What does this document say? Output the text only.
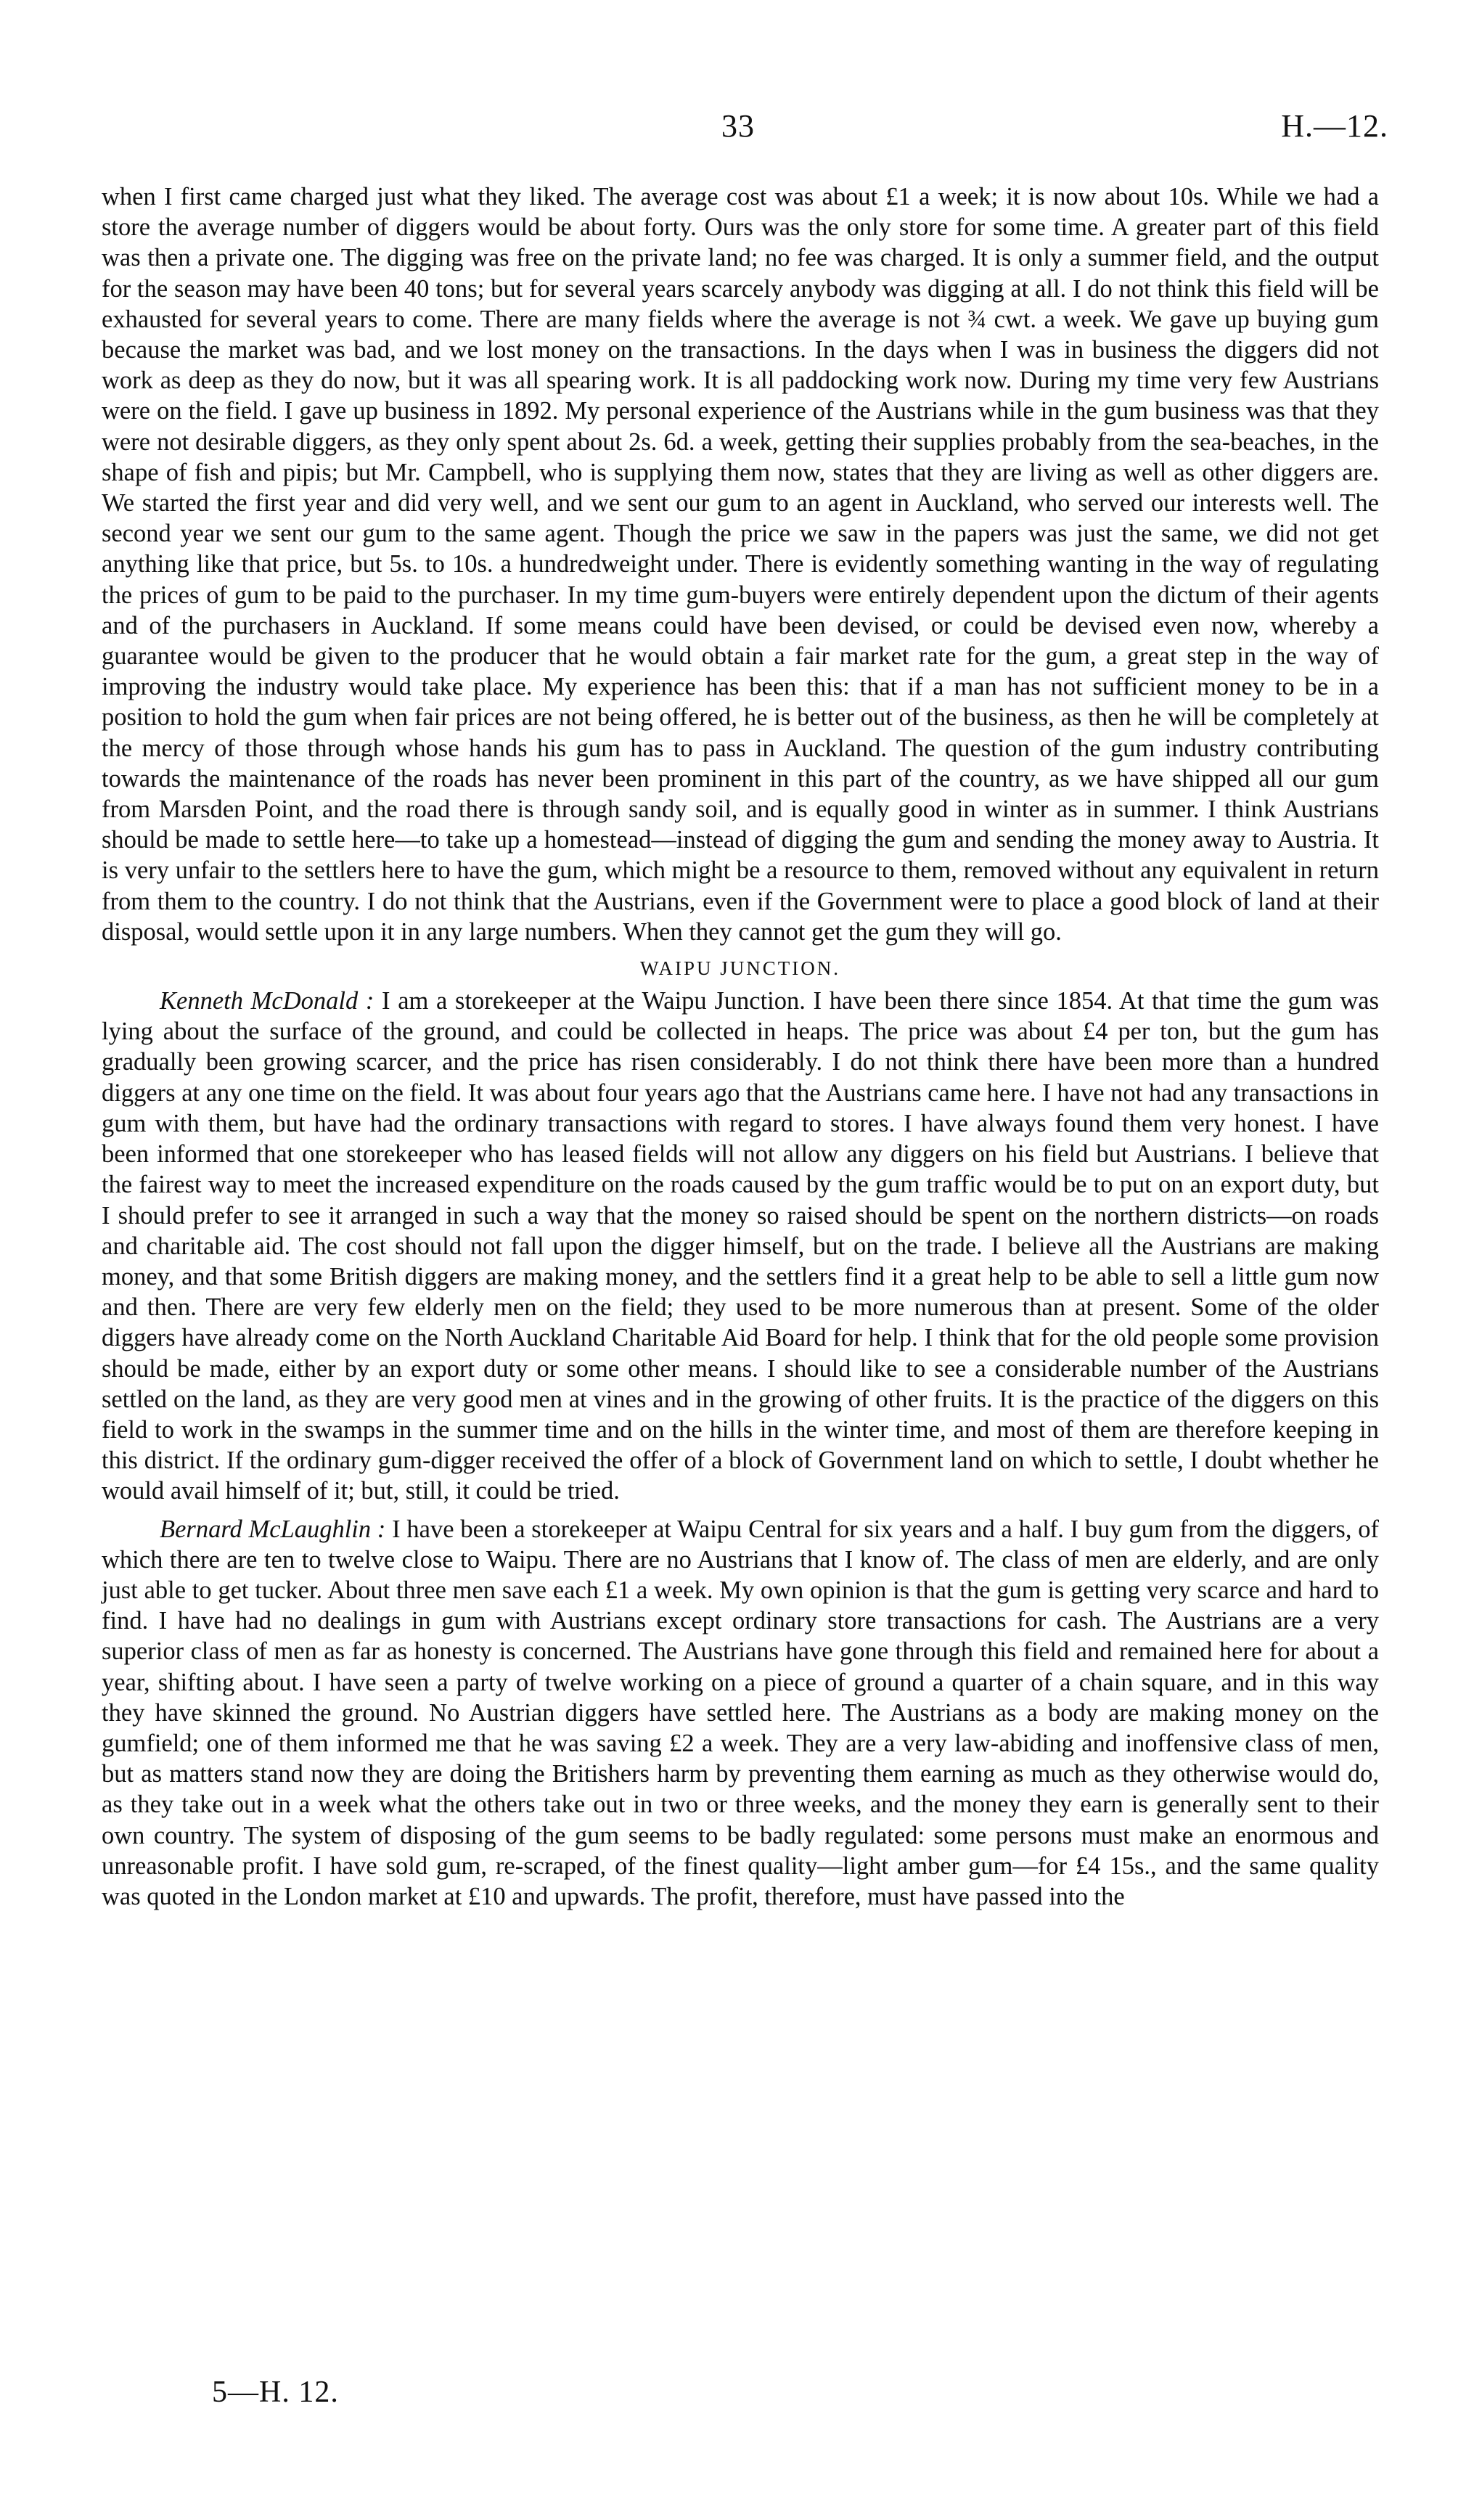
33	H.—12.

when I first came charged just what they liked. The average cost was about £1 a week; it is now about 10s. While we had a store the average number of diggers would be about forty. Ours was the only store for some time. A greater part of this field was then a private one. The digging was free on the private land; no fee was charged. It is only a summer field, and the output for the season may have been 40 tons; but for several years scarcely anybody was digging at all. I do not think this field will be exhausted for several years to come. There are many fields where the average is not ¾ cwt. a week. We gave up buying gum because the market was bad, and we lost money on the transactions. In the days when I was in business the diggers did not work as deep as they do now, but it was all spearing work. It is all paddocking work now. During my time very few Austrians were on the field. I gave up business in 1892. My personal experience of the Austrians while in the gum business was that they were not desirable diggers, as they only spent about 2s. 6d. a week, getting their supplies probably from the sea-beaches, in the shape of fish and pipis; but Mr. Campbell, who is supplying them now, states that they are living as well as other diggers are. We started the first year and did very well, and we sent our gum to an agent in Auckland, who served our interests well. The second year we sent our gum to the same agent. Though the price we saw in the papers was just the same, we did not get anything like that price, but 5s. to 10s. a hundredweight under. There is evidently something wanting in the way of regulating the prices of gum to be paid to the purchaser. In my time gum-buyers were entirely dependent upon the dictum of their agents and of the purchasers in Auckland. If some means could have been devised, or could be devised even now, whereby a guarantee would be given to the producer that he would obtain a fair market rate for the gum, a great step in the way of improving the industry would take place. My experience has been this: that if a man has not sufficient money to be in a position to hold the gum when fair prices are not being offered, he is better out of the business, as then he will be completely at the mercy of those through whose hands his gum has to pass in Auckland. The question of the gum industry contributing towards the maintenance of the roads has never been prominent in this part of the country, as we have shipped all our gum from Marsden Point, and the road there is through sandy soil, and is equally good in winter as in summer. I think Austrians should be made to settle here—to take up a homestead—instead of digging the gum and sending the money away to Austria. It is very unfair to the settlers here to have the gum, which might be a resource to them, removed without any equivalent in return from them to the country. I do not think that the Austrians, even if the Government were to place a good block of land at their disposal, would settle upon it in any large numbers. When they cannot get the gum they will go.

WAIPU JUNCTION.

Kenneth McDonald : I am a storekeeper at the Waipu Junction. I have been there since 1854. At that time the gum was lying about the surface of the ground, and could be collected in heaps. The price was about £4 per ton, but the gum has gradually been growing scarcer, and the price has risen considerably. I do not think there have been more than a hundred diggers at any one time on the field. It was about four years ago that the Austrians came here. I have not had any transactions in gum with them, but have had the ordinary transactions with regard to stores. I have always found them very honest. I have been informed that one storekeeper who has leased fields will not allow any diggers on his field but Austrians. I believe that the fairest way to meet the increased expenditure on the roads caused by the gum traffic would be to put on an export duty, but I should prefer to see it arranged in such a way that the money so raised should be spent on the northern districts—on roads and charitable aid. The cost should not fall upon the digger himself, but on the trade. I believe all the Austrians are making money, and that some British diggers are making money, and the settlers find it a great help to be able to sell a little gum now and then. There are very few elderly men on the field; they used to be more numerous than at present. Some of the older diggers have already come on the North Auckland Charitable Aid Board for help. I think that for the old people some provision should be made, either by an export duty or some other means. I should like to see a considerable number of the Austrians settled on the land, as they are very good men at vines and in the growing of other fruits. It is the practice of the diggers on this field to work in the swamps in the summer time and on the hills in the winter time, and most of them are therefore keeping in this district. If the ordinary gum-digger received the offer of a block of Government land on which to settle, I doubt whether he would avail himself of it; but, still, it could be tried.

Bernard McLaughlin : I have been a storekeeper at Waipu Central for six years and a half. I buy gum from the diggers, of which there are ten to twelve close to Waipu. There are no Austrians that I know of. The class of men are elderly, and are only just able to get tucker. About three men save each £1 a week. My own opinion is that the gum is getting very scarce and hard to find. I have had no dealings in gum with Austrians except ordinary store transactions for cash. The Austrians are a very superior class of men as far as honesty is concerned. The Austrians have gone through this field and remained here for about a year, shifting about. I have seen a party of twelve working on a piece of ground a quarter of a chain square, and in this way they have skinned the ground. No Austrian diggers have settled here. The Austrians as a body are making money on the gumfield; one of them informed me that he was saving £2 a week. They are a very law-abiding and inoffensive class of men, but as matters stand now they are doing the Britishers harm by preventing them earning as much as they otherwise would do, as they take out in a week what the others take out in two or three weeks, and the money they earn is generally sent to their own country. The system of disposing of the gum seems to be badly regulated: some persons must make an enormous and unreasonable profit. I have sold gum, re-scraped, of the finest quality—light amber gum—for £4 15s., and the same quality was quoted in the London market at £10 and upwards. The profit, therefore, must have passed into the

5—H. 12.
